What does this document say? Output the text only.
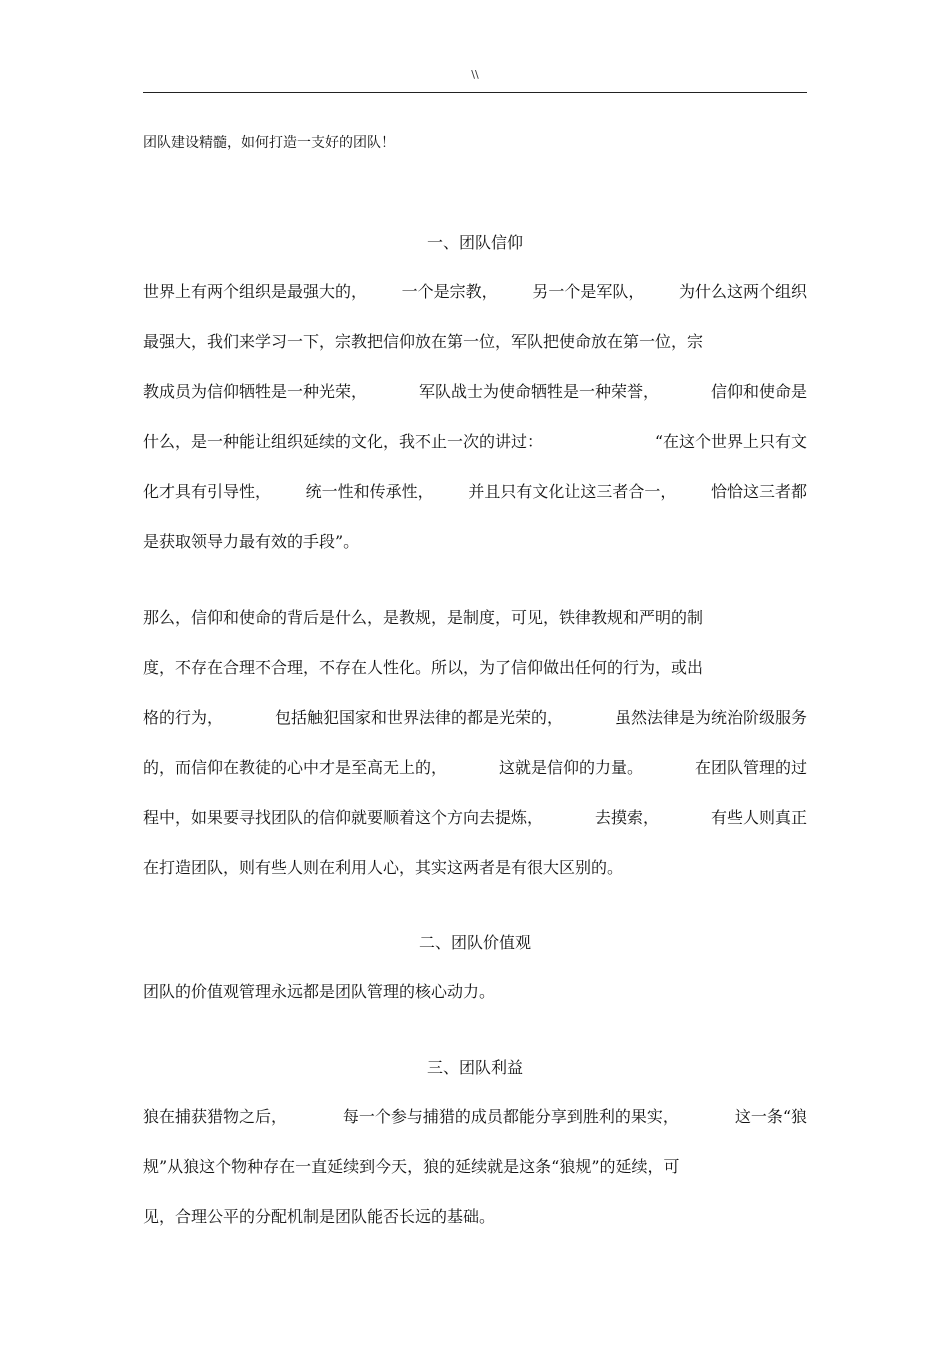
\\
团队建设精髓，如何打造一支好的团队！
一、团队信仰
世界上有两个组织是最强大的， 一个是宗教， 另一个是军队， 为什么这两个组织
最强大，我们来学习一下，宗教把信仰放在第一位，军队把使命放在第一位，宗
教成员为信仰牺牲是一种光荣，	军队战士为使命牺牲是一种荣誉，	信仰和使命是
什么，是一种能让组织延续的文化，我不止一次的讲过：	“在这个世界上只有文
化才具有引导性， 统一性和传承性， 并且只有文化让这三者合一， 恰恰这三者都
是获取领导力最有效的手段”。
那么，信仰和使命的背后是什么，是教规，是制度，可见，铁律教规和严明的制
度，不存在合理不合理，不存在人性化。所以，为了信仰做出任何的行为，或出
格的行为，	包括触犯国家和世界法律的都是光荣的，	虽然法律是为统治阶级服务
的，而信仰在教徒的心中才是至高无上的，	这就是信仰的力量。	在团队管理的过
程中，如果要寻找团队的信仰就要顺着这个方向去提炼，	去摸索，	有些人则真正
在打造团队，则有些人则在利用人心，其实这两者是有很大区别的。
二、团队价值观
团队的价值观管理永远都是团队管理的核心动力。
三、团队利益
狼在捕获猎物之后，	每一个参与捕猎的成员都能分享到胜利的果实，	这一条“狼
规”从狼这个物种存在一直延续到今天，狼的延续就是这条“狼规”的延续，可
见，合理公平的分配机制是团队能否长远的基础。
